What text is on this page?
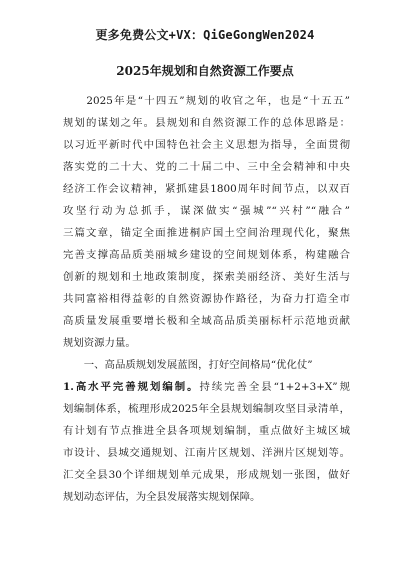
更多免费公文+VX：QiGeGongWen2024
2025年规划和自然资源工作要点
　　2025年是“十四五”规划的收官之年，也是“十五五”
规划的谋划之年。县规划和自然资源工作的总体思路是：
以习近平新时代中国特色社会主义思想为指导，全面贯彻
落实党的二十大、党的二十届二中、三中全会精神和中央
经济工作会议精神，紧抓建县1800周年时间节点，以双百
攻坚行动为总抓手，谋深做实“强城”“兴村”“融合”
三篇文章，锚定全面推进桐庐国土空间治理现代化，聚焦
完善支撑高品质美丽城乡建设的空间规划体系，构建融合
创新的规划和土地政策制度，探索美丽经济、美好生活与
共同富裕相得益彰的自然资源协作路径，为奋力打造全市
高质量发展重要增长极和全域高品质美丽标杆示范地贡献
规划资源力量。
　　一、高品质规划发展蓝图，打好空间格局“优化仗”
1.高水平完善规划编制。持续完善全县“1+2+3+X”规
划编制体系，梳理形成2025年全县规划编制攻坚目录清单，
有计划有节点推进全县各项规划编制，重点做好主城区城
市设计、县城交通规划、江南片区规划、洋洲片区规划等。
汇交全县30个详细规划单元成果，形成规划一张图，做好
规划动态评估，为全县发展落实规划保障。
